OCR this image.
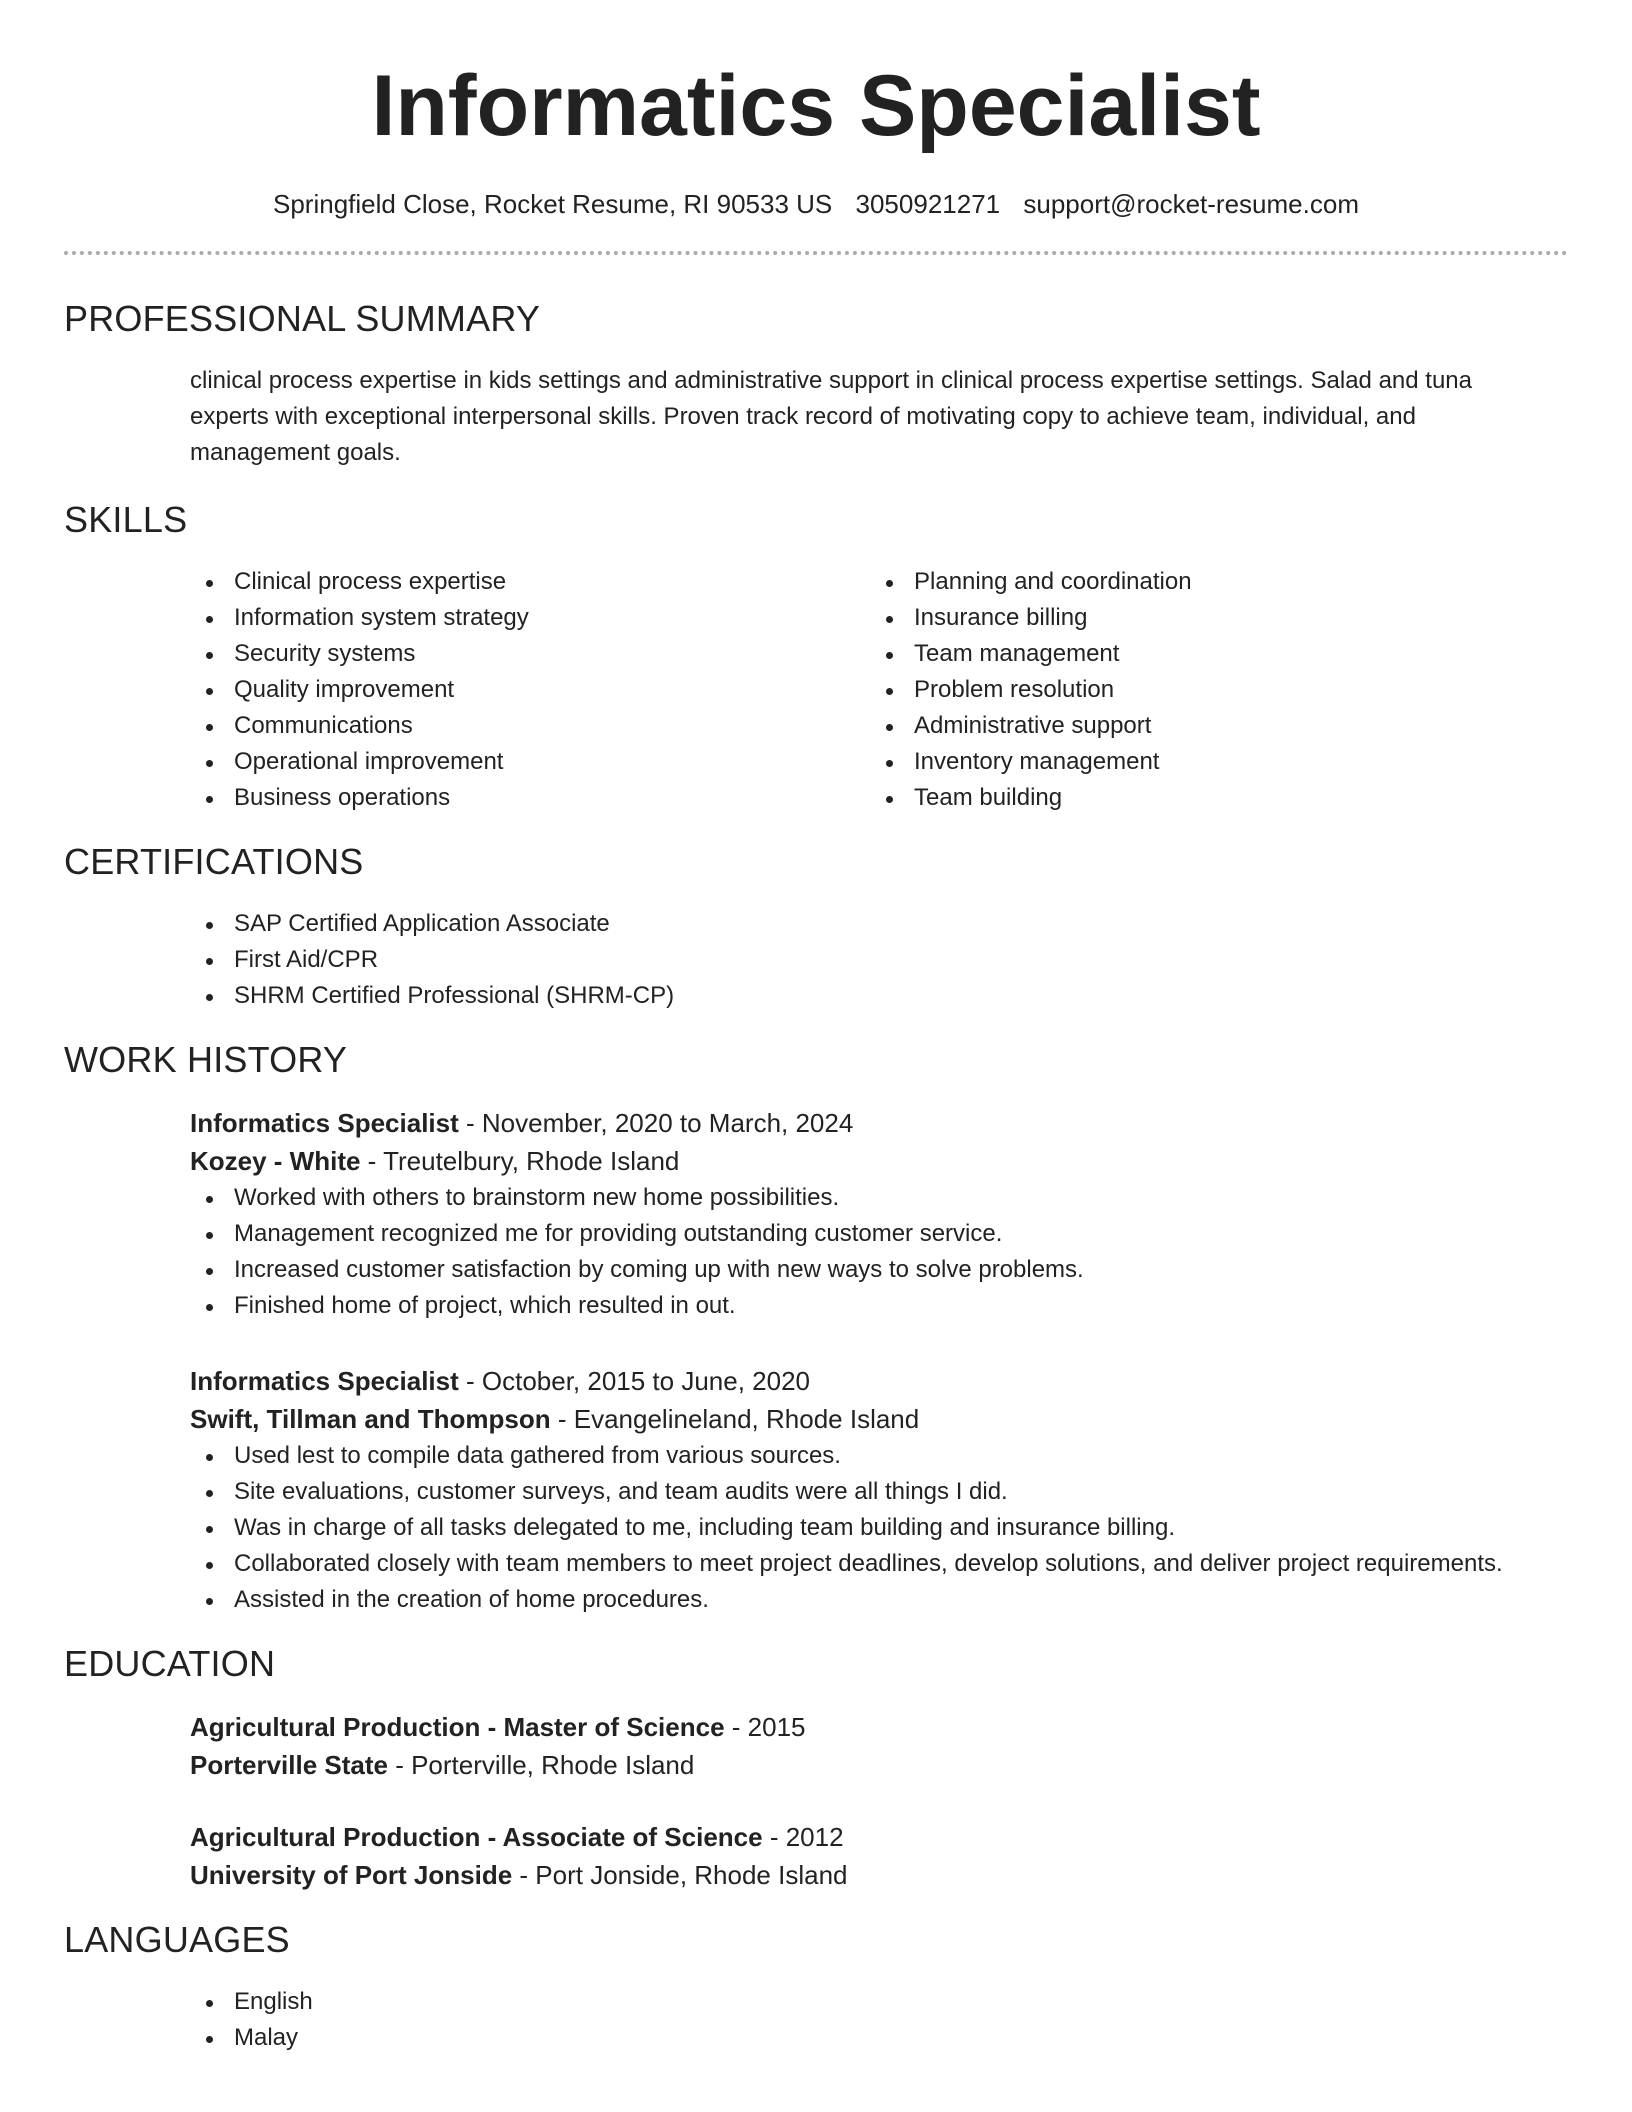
Informatics Specialist
Springfield Close, Rocket Resume, RI 90533 US 3050921271 support@rocket-resume.com
PROFESSIONAL SUMMARY
clinical process expertise in kids settings and administrative support in clinical process expertise settings. Salad and tuna experts with exceptional interpersonal skills. Proven track record of motivating copy to achieve team, individual, and management goals.
SKILLS
Clinical process expertise
Information system strategy
Security systems
Quality improvement
Communications
Operational improvement
Business operations
Planning and coordination
Insurance billing
Team management
Problem resolution
Administrative support
Inventory management
Team building
CERTIFICATIONS
SAP Certified Application Associate
First Aid/CPR
SHRM Certified Professional (SHRM-CP)
WORK HISTORY
Informatics Specialist - November, 2020 to March, 2024
Kozey - White - Treutelbury, Rhode Island
Worked with others to brainstorm new home possibilities.
Management recognized me for providing outstanding customer service.
Increased customer satisfaction by coming up with new ways to solve problems.
Finished home of project, which resulted in out.
Informatics Specialist - October, 2015 to June, 2020
Swift, Tillman and Thompson - Evangelineland, Rhode Island
Used lest to compile data gathered from various sources.
Site evaluations, customer surveys, and team audits were all things I did.
Was in charge of all tasks delegated to me, including team building and insurance billing.
Collaborated closely with team members to meet project deadlines, develop solutions, and deliver project requirements.
Assisted in the creation of home procedures.
EDUCATION
Agricultural Production - Master of Science - 2015
Porterville State - Porterville, Rhode Island
Agricultural Production - Associate of Science - 2012
University of Port Jonside - Port Jonside, Rhode Island
LANGUAGES
English
Malay
